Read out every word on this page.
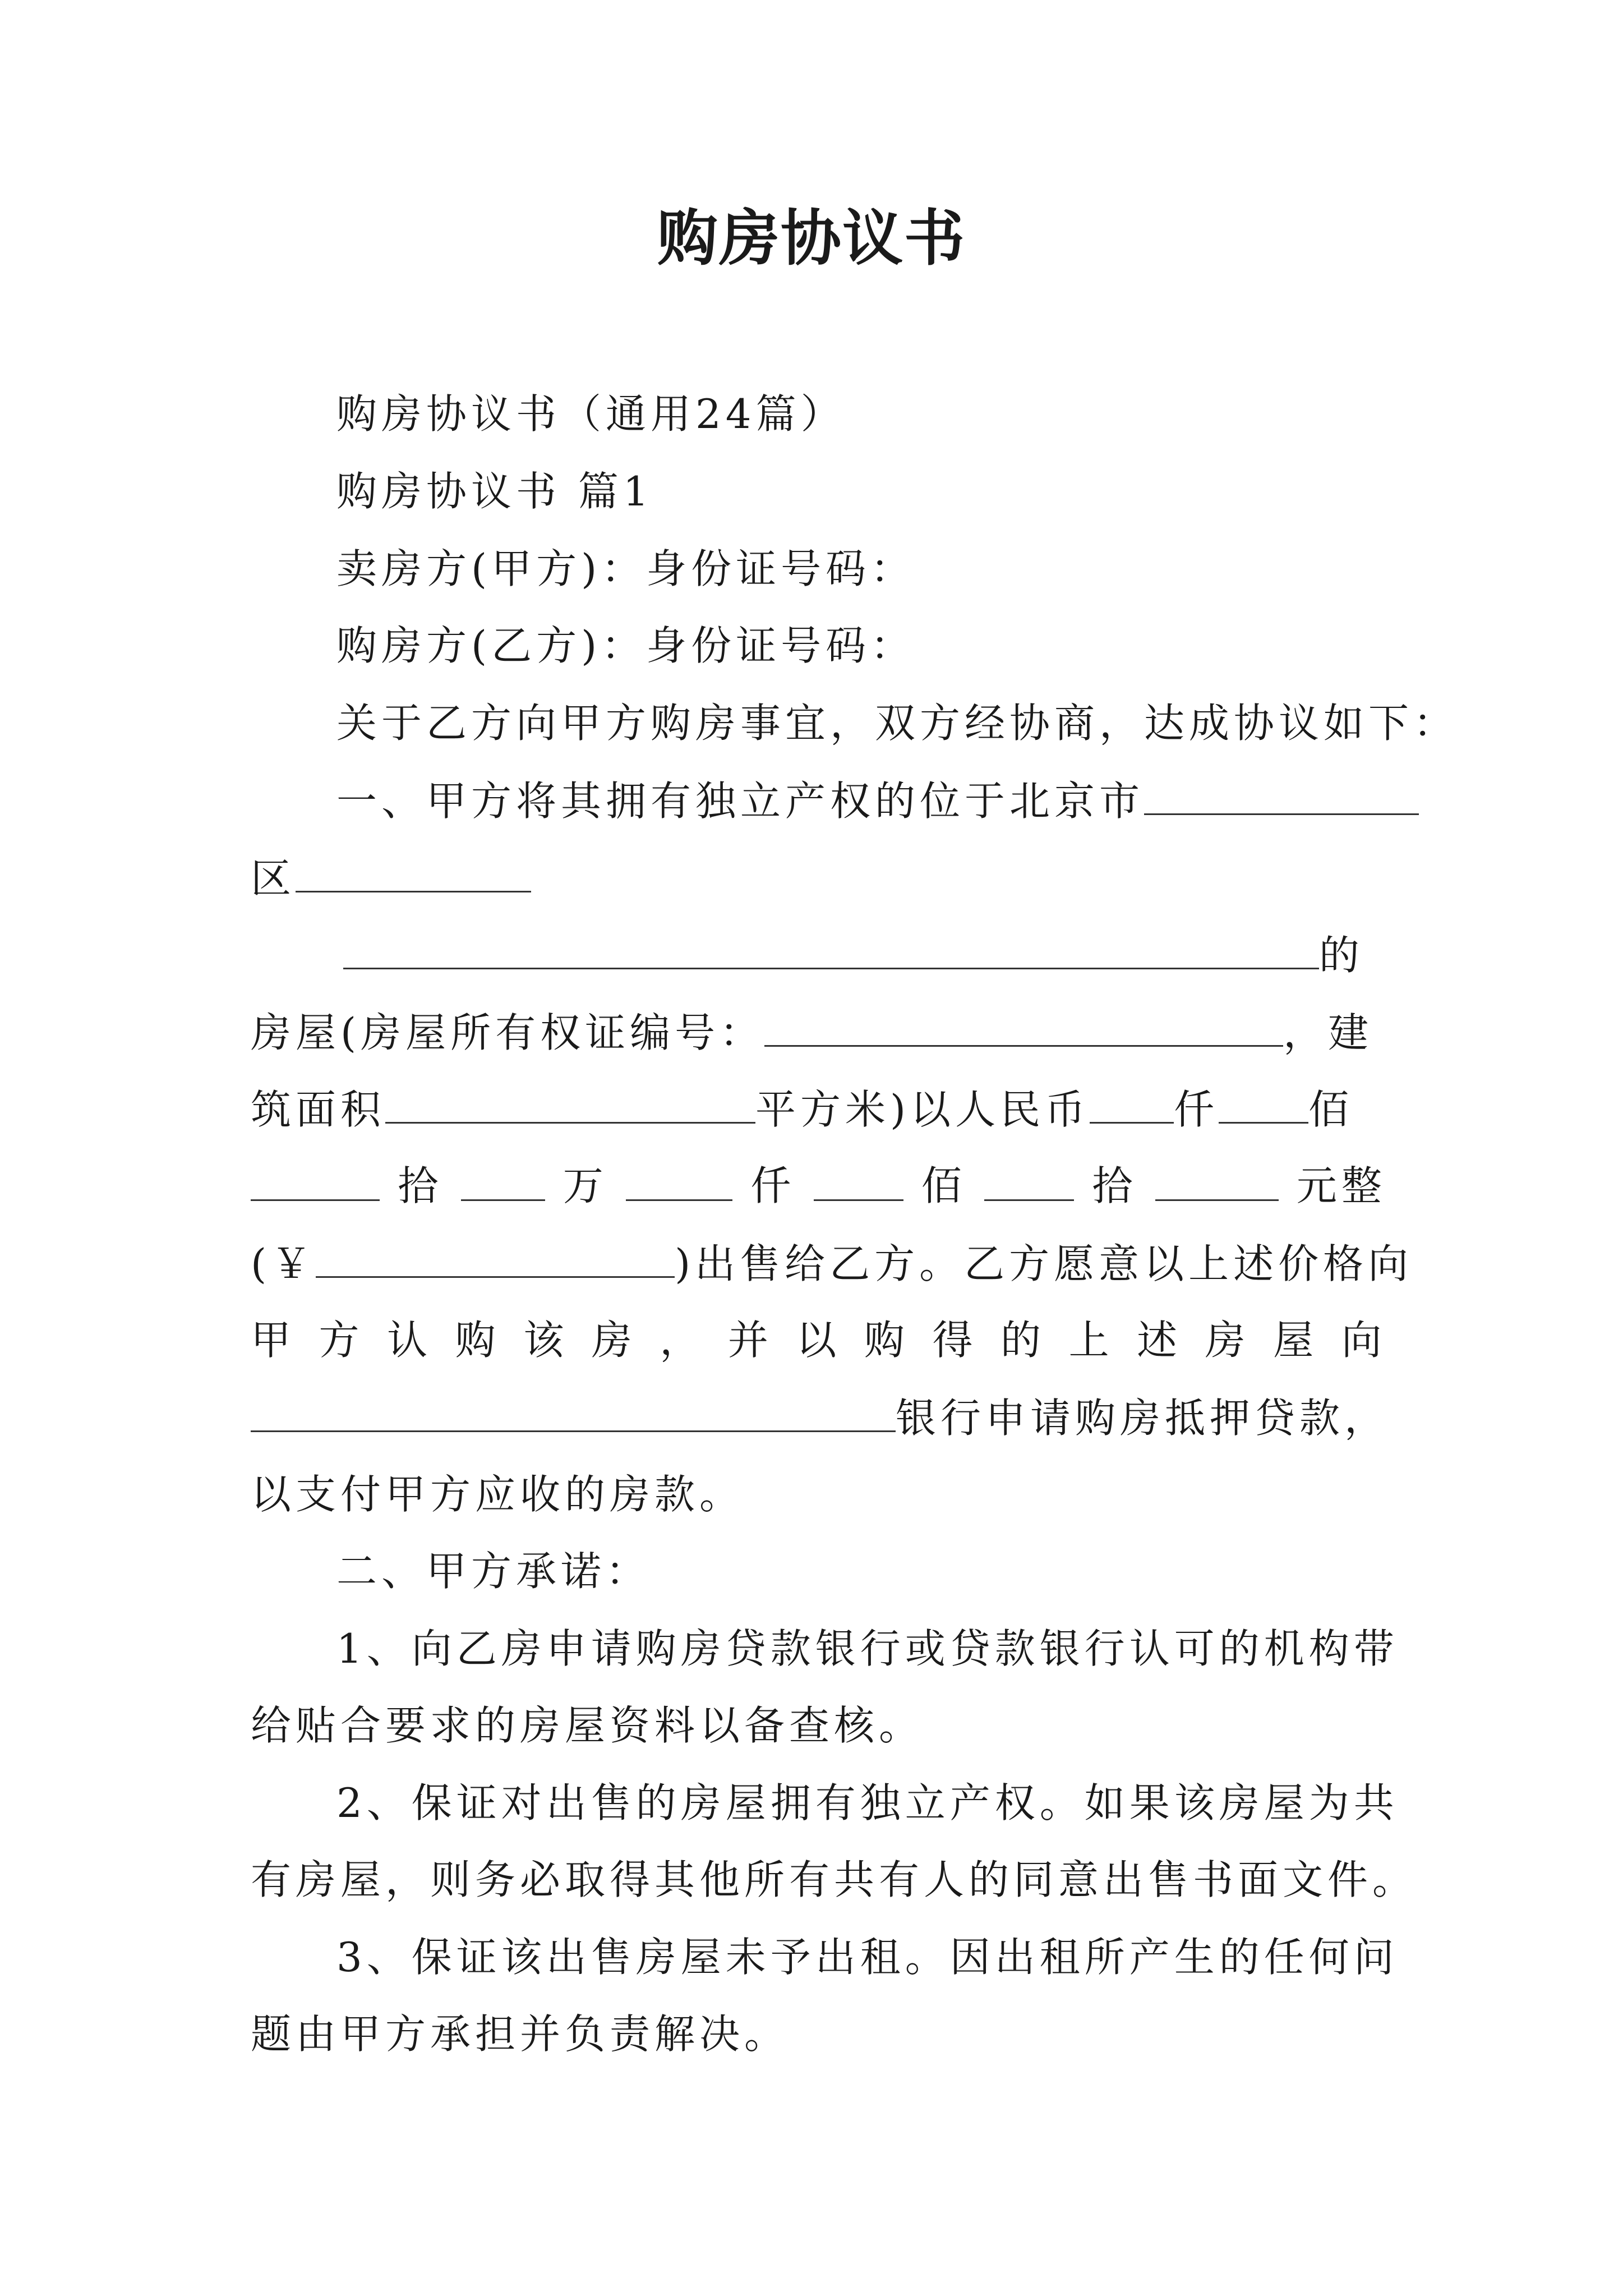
购房协议书
购房协议书（通用24篇）
购房协议书 篇1
卖房方(甲方)：身份证号码：
购房方(乙方)：身份证号码：
关于乙方向甲方购房事宜，双方经协商，达成协议如下：
一、甲方将其拥有独立产权的位于北京市
区
的
房屋(房屋所有权证编号：	，建
筑面积	平方米)以人民币 仟 佰
拾	万	仟	佰	拾	元整
(￥	)出售给乙方。乙方愿意以上述价格向
甲 方 认 购 该 房 ， 并 以 购 得 的 上 述 房 屋 向
银行申请购房抵押贷款，
以支付甲方应收的房款。
二、甲方承诺：
1、向乙房申请购房贷款银行或贷款银行认可的机构带
给贴合要求的房屋资料以备查核。
2、保证对出售的房屋拥有独立产权。如果该房屋为共
有房屋，则务必取得其他所有共有人的同意出售书面文件。
3、保证该出售房屋未予出租。因出租所产生的任何问
题由甲方承担并负责解决。
